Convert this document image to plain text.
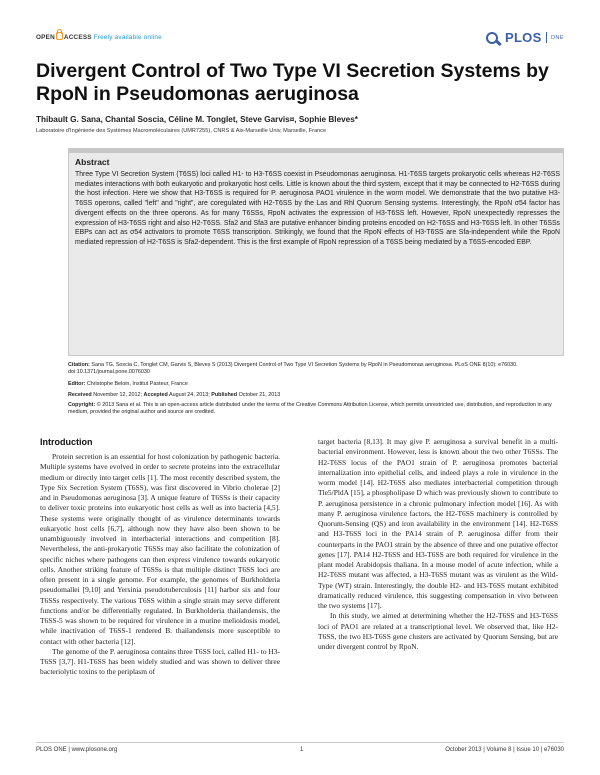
OPEN ACCESS Freely available online	PLOS ONE
Divergent Control of Two Type VI Secretion Systems by RpoN in Pseudomonas aeruginosa
Thibault G. Sana, Chantal Soscia, Céline M. Tonglet, Steve Garvis¤, Sophie Bleves*
Laboratoire d'Ingénierie des Systèmes Macromoléculaires (UMR7255), CNRS & Aix-Marseille Univ, Marseille, France
Abstract
Three Type VI Secretion System (T6SS) loci called H1- to H3-T6SS coexist in Pseudomonas aeruginosa. H1-T6SS targets prokaryotic cells whereas H2-T6SS mediates interactions with both eukaryotic and prokaryotic host cells. Little is known about the third system, except that it may be connected to H2-T6SS during the host infection. Here we show that H3-T6SS is required for P. aeruginosa PAO1 virulence in the worm model. We demonstrate that the two putative H3-T6SS operons, called "left" and "right", are coregulated with H2-T6SS by the Las and Rhl Quorum Sensing systems. Interestingly, the RpoN σ54 factor has divergent effects on the three operons. As for many T6SSs, RpoN activates the expression of H3-T6SS left. However, RpoN unexpectedly represses the expression of H3-T6SS right and also H2-T6SS. Sfa2 and Sfa3 are putative enhancer binding proteins encoded on H2-T6SS and H3-T6SS left. In other T6SSs EBPs can act as σ54 activators to promote T6SS transcription. Strikingly, we found that the RpoN effects of H3-T6SS are Sfa-independent while the RpoN mediated repression of H2-T6SS is Sfa2-dependent. This is the first example of RpoN repression of a T6SS being mediated by a T6SS-encoded EBP.
Citation: Sana TG, Soscia C, Tonglet CM, Garvis S, Bleves S (2013) Divergent Control of Two Type VI Secretion Systems by RpoN in Pseudomonas aeruginosa. PLoS ONE 8(10): e76030. doi:10.1371/journal.pone.0076030
Editor: Christophe Beloin, Institut Pasteur, France
Received November 12, 2012; Accepted August 24, 2013; Published October 21, 2013
Copyright: © 2013 Sana et al. This is an open-access article distributed under the terms of the Creative Commons Attribution License, which permits unrestricted use, distribution, and reproduction in any medium, provided the original author and source are credited.

Protein secretion is an essential for host colonization by pathogenic bacteria. Multiple systems have evolved in order to secrete proteins into the extracellular medium or directly into target cells [1]. The most recently described system, the Type Six Secretion System (T6SS), was first discovered in Vibrio cholerae [2] and in Pseudomonas aeruginosa [3]. A unique feature of T6SSs is their capacity to deliver toxic proteins into eukaryotic host cells as well as into bacteria [4,5]. These systems were originally thought of as virulence determinants towards eukaryotic host cells [6,7], although now they have also been shown to be unambiguously involved in interbacterial interactions and competition [8]. Nevertheless, the anti-prokaryotic T6SSs may also facilitate the colonization of specific niches where pathogens can then express virulence towards eukaryotic cells. Another striking feature of T6SSs is that multiple distinct T6SS loci are often present in a single genome. For example, the genomes of Burkholderia pseudomallei [9,10] and Yersinia pseudotuberculosis [11] harbor six and four T6SSs respectively. The various T6SS within a single strain may serve different functions and/or be differentially regulated. In Burkholderia thailandensis, the T6SS-5 was shown to be required for virulence in a murine melioidosis model, while inactivation of T6SS-1 rendered B. thailandensis more susceptible to contact with other bacteria [12].

The genome of the P. aeruginosa contains three T6SS loci, called H1- to H3-T6SS [3,7]. H1-T6SS has been widely studied and was shown to deliver three bacteriolytic toxins to the periplasm of

Introduction	target bacteria [8,13]. It may give P. aeruginosa a survival benefit in a multi-bacterial environment. However, less is known about the two other T6SSs. The H2-T6SS locus of the PAO1 strain of P. aeruginosa promotes bacterial internalization into epithelial cells, and indeed plays a role in virulence in the worm model [14]. H2-T6SS also mediates interbacterial competition through Tle5/PldA [15], a phospholipase D which was previously shown to contribute to P. aeruginosa persistence in a chronic pulmonary infection model [16]. As with many P. aeruginosa virulence factors, the H2-T6SS machinery is controlled by Quorum-Sensing (QS) and iron availability in the environment [14]. H2-T6SS and H3-T6SS loci in the PA14 strain of P. aeruginosa differ from their counterparts in the PAO1 strain by the absence of three and one putative effector genes [17]. PA14 H2-T6SS and H3-T6SS are both required for virulence in the plant model Arabidopsis thaliana. In a mouse model of acute infection, while a H2-T6SS mutant was affected, a H3-T6SS mutant was as virulent as the Wild-Type (WT) strain. Interestingly, the double H2- and H3-T6SS mutant exhibited dramatically reduced virulence, this suggesting compensation in vivo between the two systems [17].

In this study, we aimed at determining whether the H2-T6SS and H3-T6SS loci of PAO1 are related at a transcriptional level. We observed that, like H2-T6SS, the two H3-T6SS gene clusters are activated by Quorum Sensing, but are under divergent control by RpoN.

PLOS ONE | www.plosone.org	1	October 2013 | Volume 8 | Issue 10 | e76030
